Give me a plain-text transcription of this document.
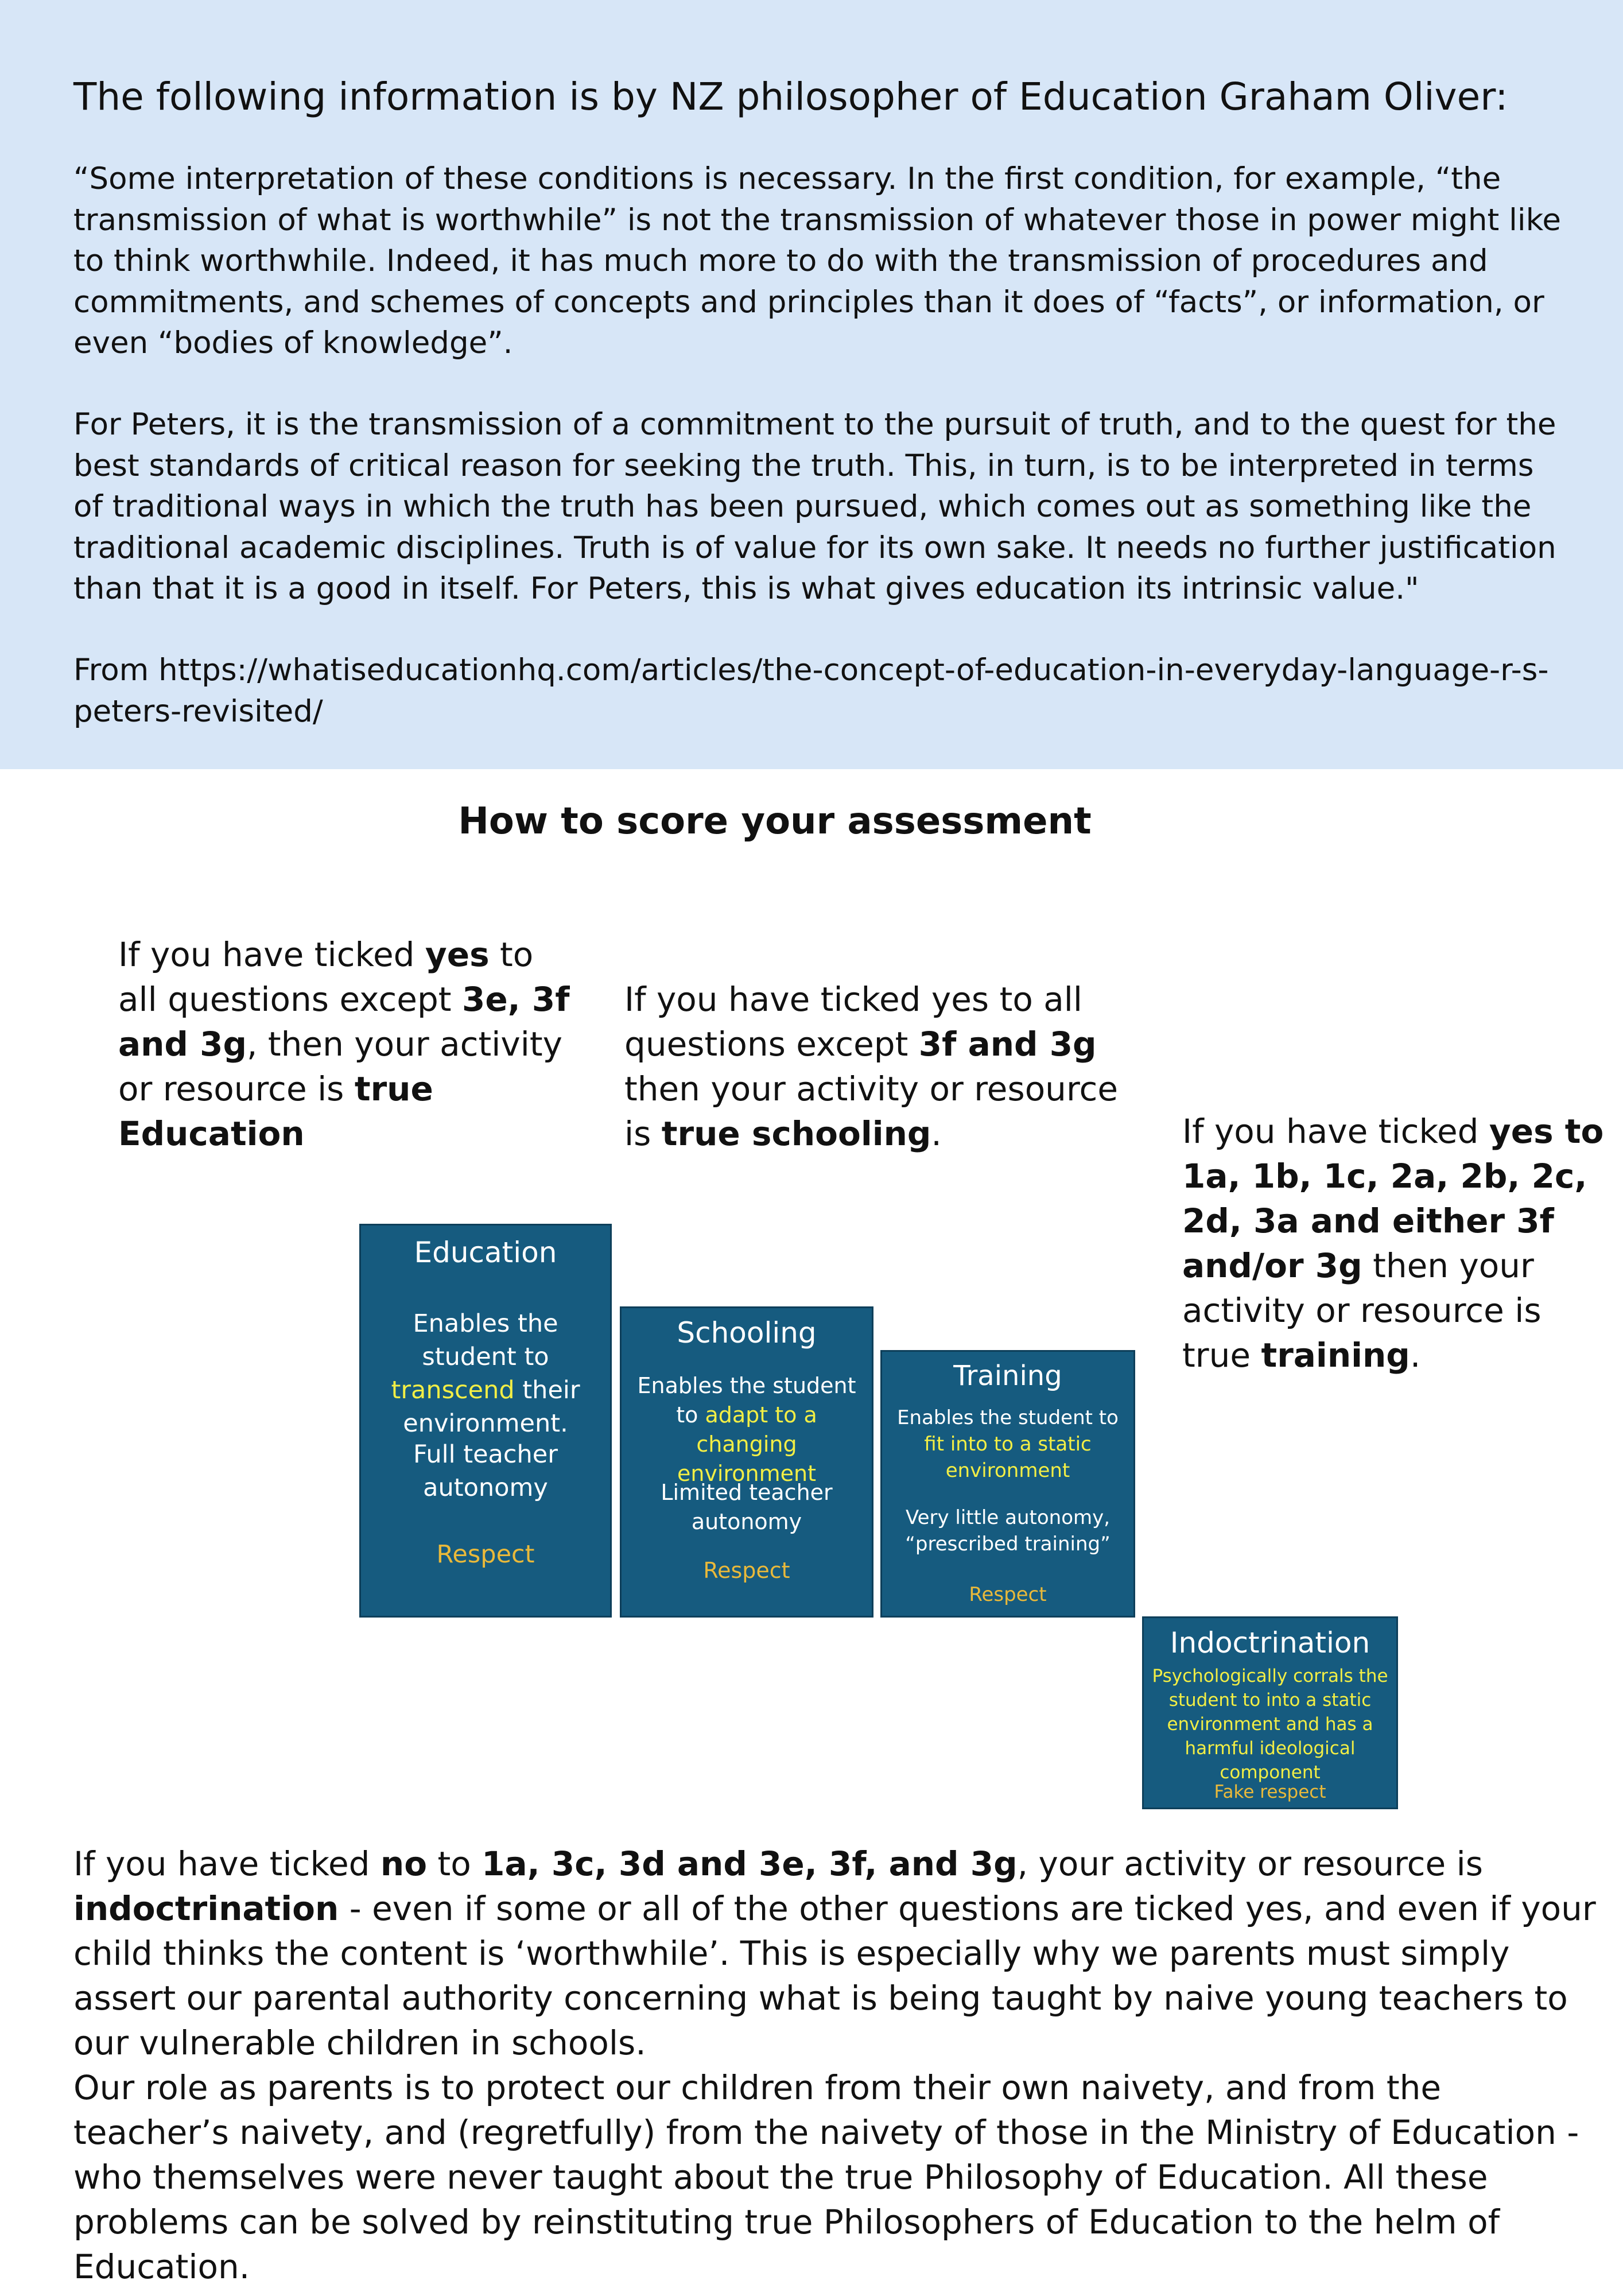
The following information is by NZ philosopher of Education Graham Oliver:

“Some interpretation of these conditions is necessary. In the first condition, for example, “the transmission of what is worthwhile” is not the transmission of whatever those in power might like to think worthwhile. Indeed, it has much more to do with the transmission of procedures and commitments, and schemes of concepts and principles than it does of “facts”, or information, or even “bodies of knowledge”.

For Peters, it is the transmission of a commitment to the pursuit of truth, and to the quest for the best standards of critical reason for seeking the truth. This, in turn, is to be interpreted in terms of traditional ways in which the truth has been pursued, which comes out as something like the traditional academic disciplines. Truth is of value for its own sake. It needs no further justification than that it is a good in itself. For Peters, this is what gives education its intrinsic value."

From https://whatiseducationhq.com/articles/the-concept-of-education-in-everyday-language-r-s-peters-revisited/

How to score your assessment

If you have ticked yes to all questions except 3e, 3f and 3g, then your activity or resource is true Education

If you have ticked yes to all questions except 3f and 3g then your activity or resource is true schooling.	If you have ticked yes to 1a, 1b, 1c, 2a, 2b, 2c, 2d, 3a and either 3f and/or 3g then your activity or resource is true training.

Education
Enables the student to transcend their environment.
Full teacher autonomy
Respect
Schooling
Enables the student to adapt to a changing environment
Limited teacher autonomy
Respect
Training
Enables the student to fit into to a static environment
Very little autonomy, “prescribed training”
Respect
Indoctrination
Psychologically corrals the student to into a static environment and has a harmful ideological component
Fake respect

If you have ticked no to 1a, 3c, 3d and 3e, 3f, and 3g, your activity or resource is indoctrination - even if some or all of the other questions are ticked yes, and even if your child thinks the content is ‘worthwhile’. This is especially why we parents must simply assert our parental authority concerning what is being taught by naive young teachers to our vulnerable children in schools.

Our role as parents is to protect our children from their own naivety, and from the teacher’s naivety, and (regretfully) from the naivety of those in the Ministry of Education - who themselves were never taught about the true Philosophy of Education. All these problems can be solved by reinstituting true Philosophers of Education to the helm of Education.
